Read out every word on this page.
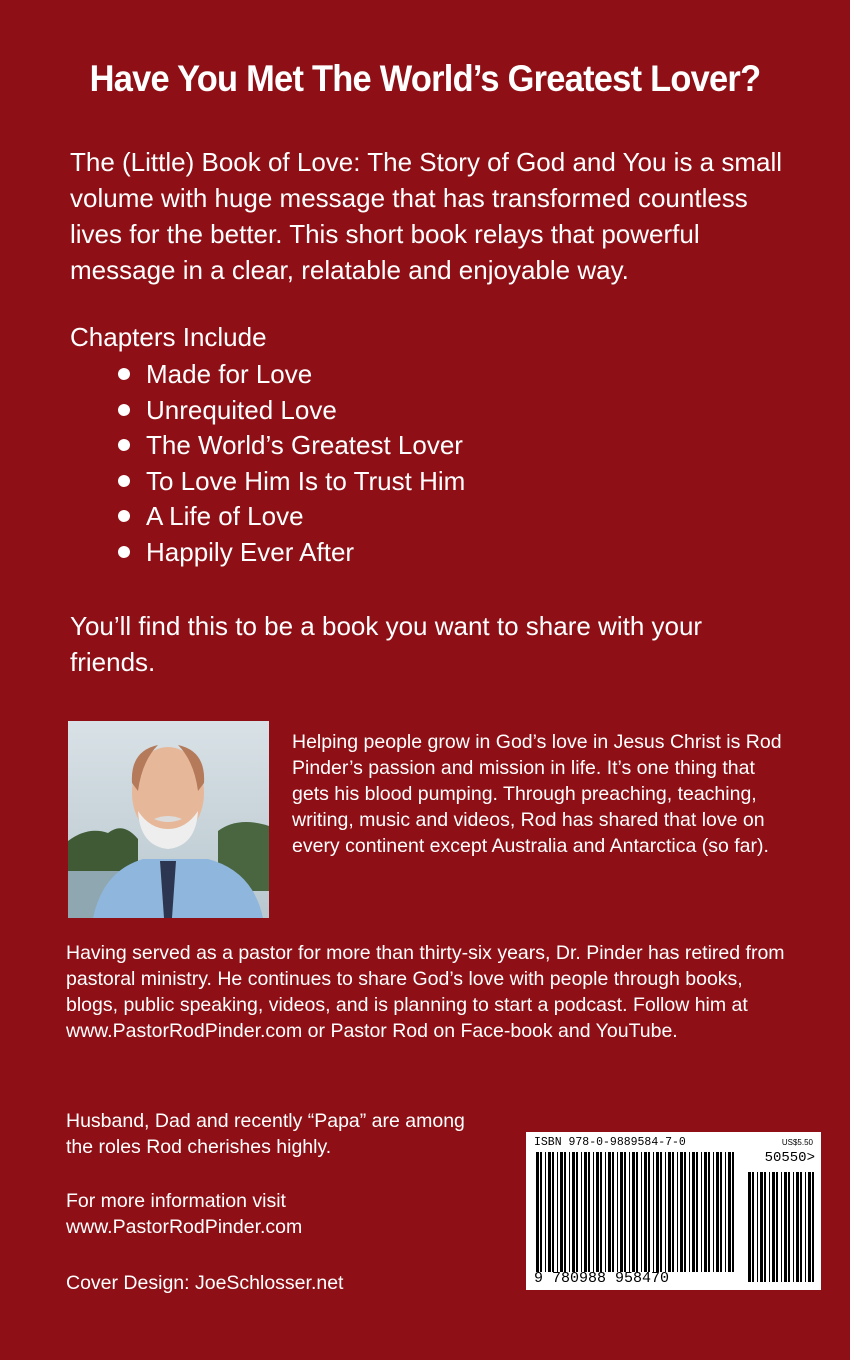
Have You Met The World’s Greatest Lover?
The (Little) Book of Love: The Story of God and You is a small volume with huge message that has transformed countless lives for the better. This short book relays that powerful message in a clear, relatable and enjoyable way.
Chapters Include
Made for Love
Unrequited Love
The World’s Greatest Lover
To Love Him Is to Trust Him
A Life of Love
Happily Ever After
You’ll find this to be a book you want to share with your friends.
Helping people grow in God’s love in Jesus Christ is Rod Pinder’s passion and mission in life. It’s one thing that gets his blood pumping. Through preaching, teaching, writing, music and videos, Rod has shared that love on every continent except Australia and Antarctica (so far).
Having served as a pastor for more than thirty-six years, Dr. Pinder has retired from pastoral ministry. He continues to share God’s love with people through books, blogs, public speaking, videos, and is planning to start a podcast. Follow him at www.PastorRodPinder.com or Pastor Rod on Face-book and YouTube.
Husband, Dad and recently “Papa” are among the roles Rod cherishes highly.
For more information visit
www.PastorRodPinder.com
Cover Design: JoeSchlosser.net
ISBN 978-0-9889584-7-0	US$5.50
50550>
9 780988 958470
